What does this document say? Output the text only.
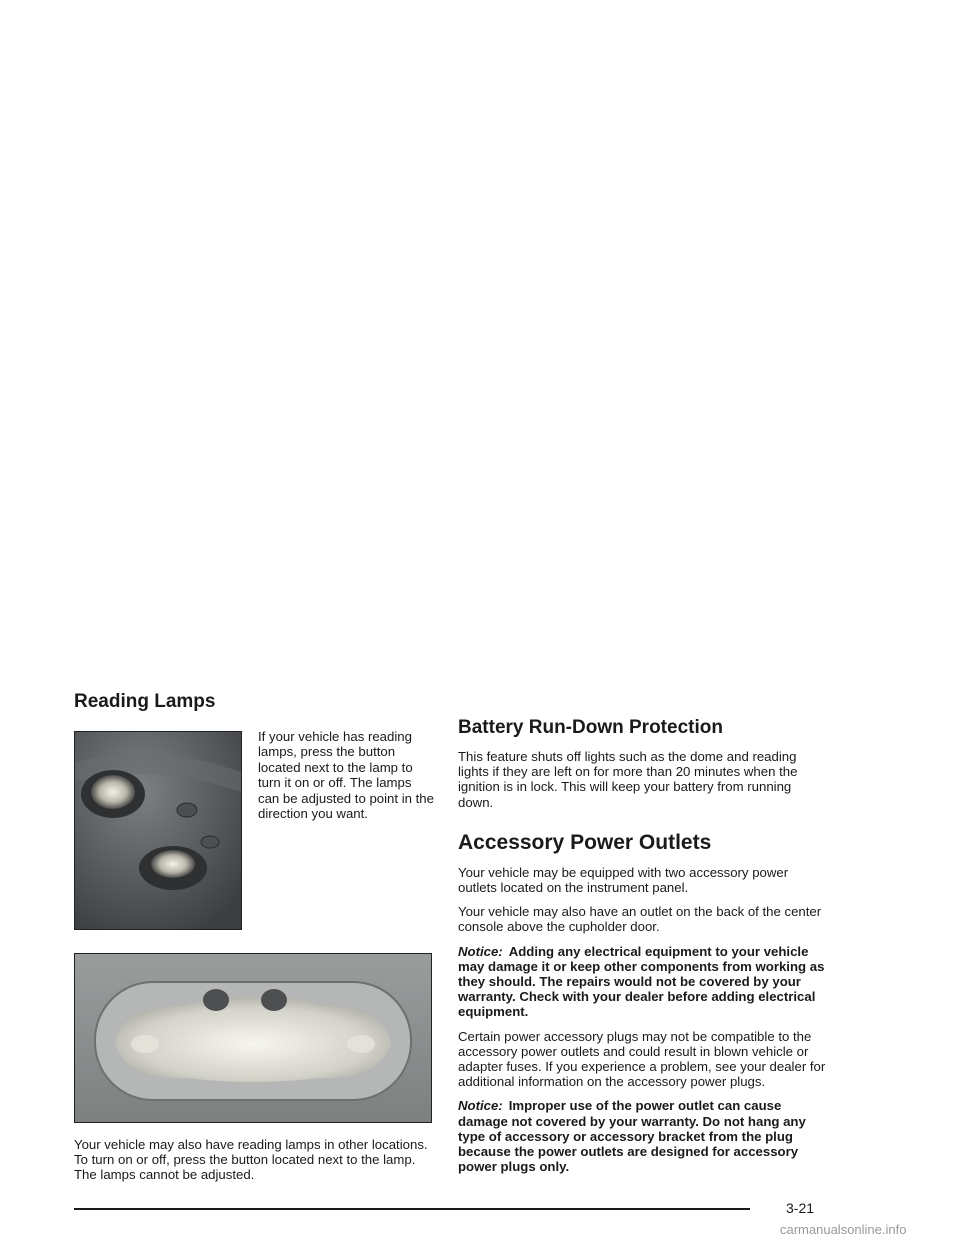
Reading Lamps

If your vehicle has reading lamps, press the button located next to the lamp to turn it on or off. The lamps can be adjusted to point in the direction you want.

Your vehicle may also have reading lamps in other locations. To turn on or off, press the button located next to the lamp. The lamps cannot be adjusted.

Battery Run-Down Protection

This feature shuts off lights such as the dome and reading lights if they are left on for more than 20 minutes when the ignition is in lock. This will keep your battery from running down.

Accessory Power Outlets

Your vehicle may be equipped with two accessory power outlets located on the instrument panel.

Your vehicle may also have an outlet on the back of the center console above the cupholder door.

Notice: Adding any electrical equipment to your vehicle may damage it or keep other components from working as they should. The repairs would not be covered by your warranty. Check with your dealer before adding electrical equipment.

Certain power accessory plugs may not be compatible to the accessory power outlets and could result in blown vehicle or adapter fuses. If you experience a problem, see your dealer for additional information on the accessory power plugs.

Notice: Improper use of the power outlet can cause damage not covered by your warranty. Do not hang any type of accessory or accessory bracket from the plug because the power outlets are designed for accessory power plugs only.

3-21
carmanualsonline.info
